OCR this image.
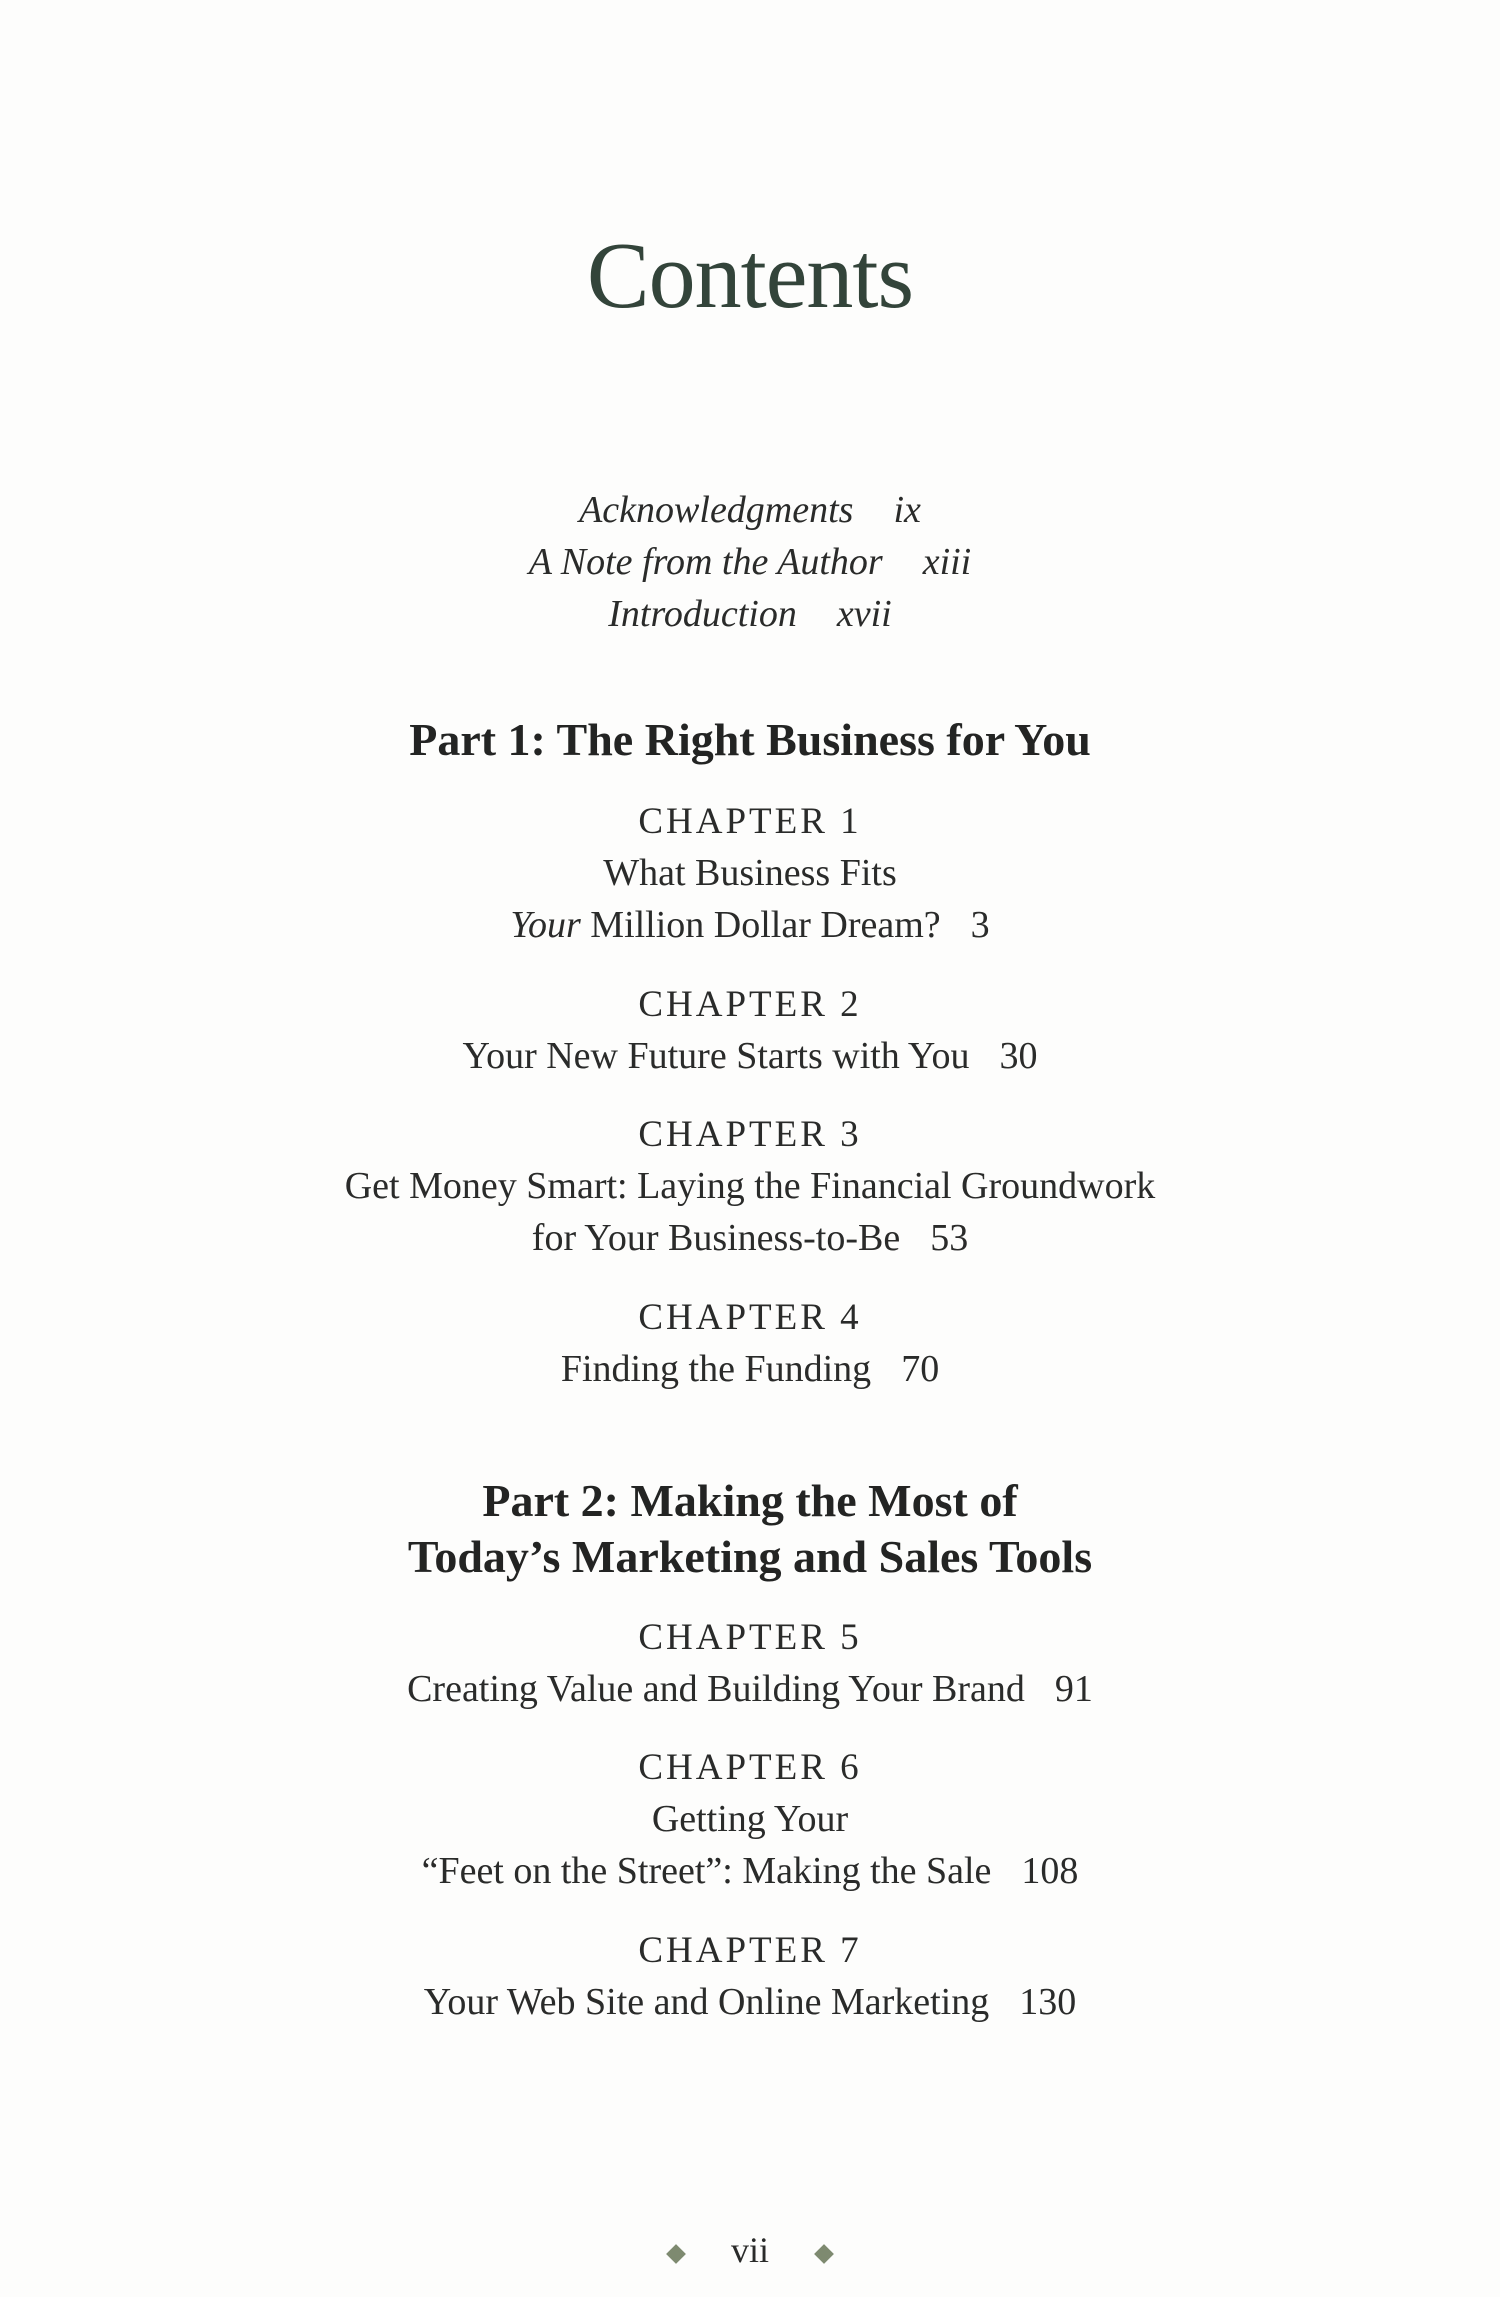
Contents
Acknowledgments ix
A Note from the Author xiii
Introduction xvii
Part 1: The Right Business for You
CHAPTER 1
What Business Fits
Your Million Dollar Dream? 3
CHAPTER 2
Your New Future Starts with You 30
CHAPTER 3
Get Money Smart: Laying the Financial Groundwork
for Your Business-to-Be 53
CHAPTER 4
Finding the Funding 70
Part 2: Making the Most of
Today’s Marketing and Sales Tools
CHAPTER 5
Creating Value and Building Your Brand 91
CHAPTER 6
Getting Your
“Feet on the Street”: Making the Sale 108
CHAPTER 7
Your Web Site and Online Marketing 130
vii
